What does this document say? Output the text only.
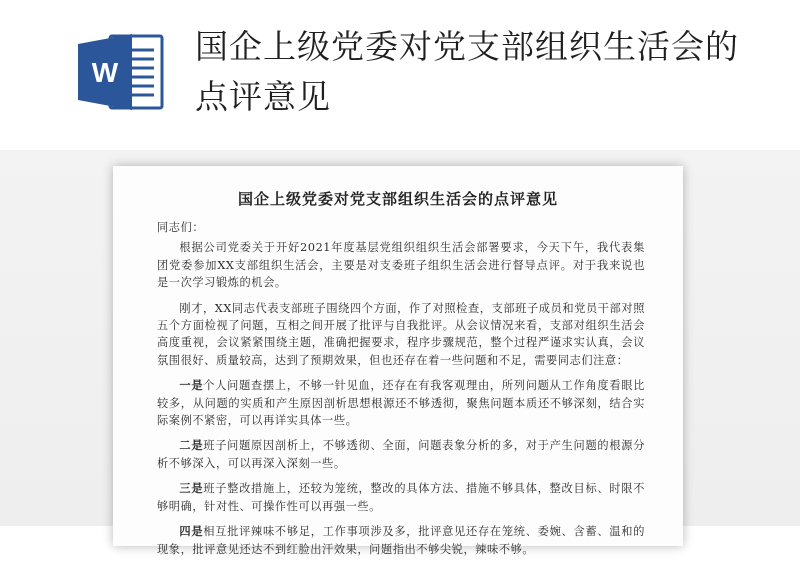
W
国企上级党委对党支部组织生活会的点评意见
国企上级党委对党支部组织生活会的点评意见

同志们：

根据公司党委关于开好2021年度基层党组织组织生活会部署要求，今天下午，我代表集团党委参加XX支部组织生活会，主要是对支委班子组织生活会进行督导点评。对于我来说也是一次学习锻炼的机会。

刚才，XX同志代表支部班子围绕四个方面，作了对照检查，支部班子成员和党员干部对照五个方面检视了问题，互相之间开展了批评与自我批评。从会议情况来看，支部对组织生活会高度重视，会议紧紧围绕主题，准确把握要求，程序步骤规范，整个过程严谨求实认真，会议氛围很好、质量较高，达到了预期效果，但也还存在着一些问题和不足，需要同志们注意：

一是个人问题查摆上，不够一针见血，还存在有我客观理由，所列问题从工作角度看眼比较多，从问题的实质和产生原因剖析思想根源还不够透彻，聚焦问题本质还不够深刻，结合实际案例不紧密，可以再详实具体一些。

二是班子问题原因剖析上，不够透彻、全面，问题表象分析的多，对于产生问题的根源分析不够深入，可以再深入深刻一些。

三是班子整改措施上，还较为笼统，整改的具体方法、措施不够具体，整改目标、时限不够明确，针对性、可操作性可以再强一些。

四是相互批评辣味不够足，工作事项涉及多，批评意见还存在笼统、委婉、含蓄、温和的现象，批评意见还达不到红脸出汗效果，问题指出不够尖锐，辣味不够。
